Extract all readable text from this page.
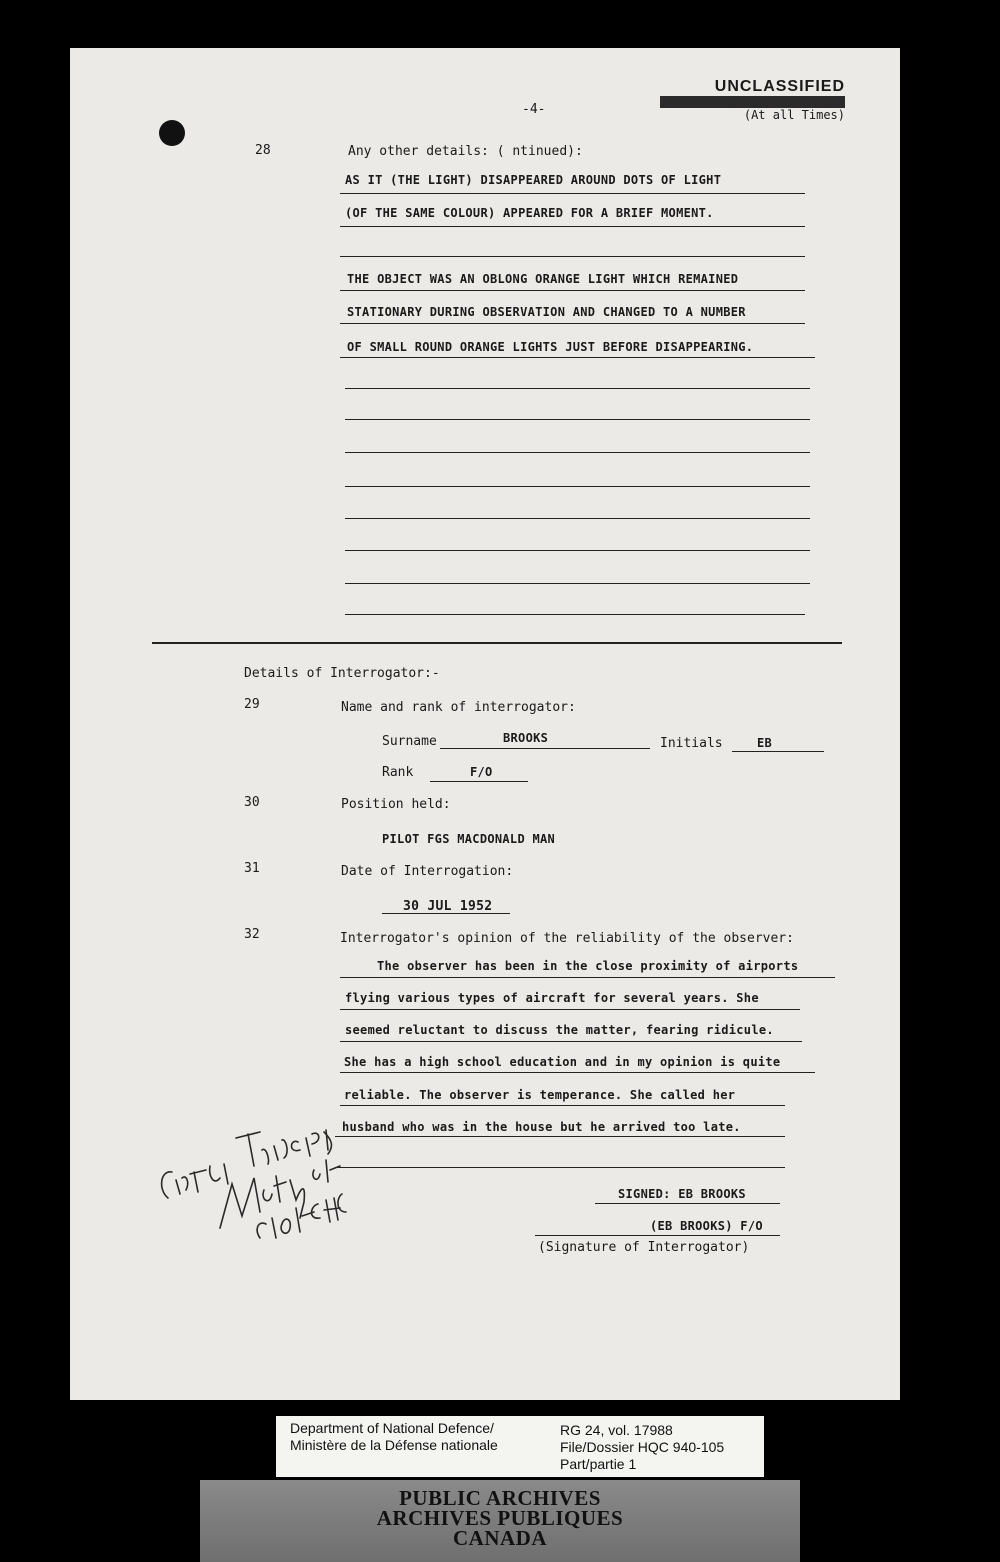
UNCLASSIFIED
C O N F I D E N T I A L
(At all Times)
-4-
28	Any other details: ( ntinued):
AS IT (THE LIGHT) DISAPPEARED AROUND DOTS OF LIGHT
(OF THE SAME COLOUR) APPEARED FOR A BRIEF MOMENT.
THE OBJECT WAS AN OBLONG ORANGE LIGHT WHICH REMAINED
STATIONARY DURING OBSERVATION AND CHANGED TO A NUMBER
OF SMALL ROUND ORANGE LIGHTS JUST BEFORE DISAPPEARING.
Details of Interrogator:-
29	Name and rank of interrogator:
Surname	BROOKS	Initials	EB
Rank	F/O
30	Position held:
PILOT FGS MACDONALD MAN
31	Date of Interrogation:
30 JUL 1952
32	Interrogator's opinion of the reliability of the observer:
The observer has been in the close proximity of airports
flying various types of aircraft for several years. She
seemed reluctant to discuss the matter, fearing ridicule.
She has a high school education and in my opinion is quite
reliable. The observer is temperance. She called her
husband who was in the house but he arrived too late.
SIGNED: EB BROOKS
(EB BROOKS) F/O
(Signature of Interrogator)
Department of National Defence/
Ministère de la Défense nationale
RG 24, vol. 17988
File/Dossier HQC 940-105
Part/partie 1
PUBLIC ARCHIVES
ARCHIVES PUBLIQUES
CANADA
